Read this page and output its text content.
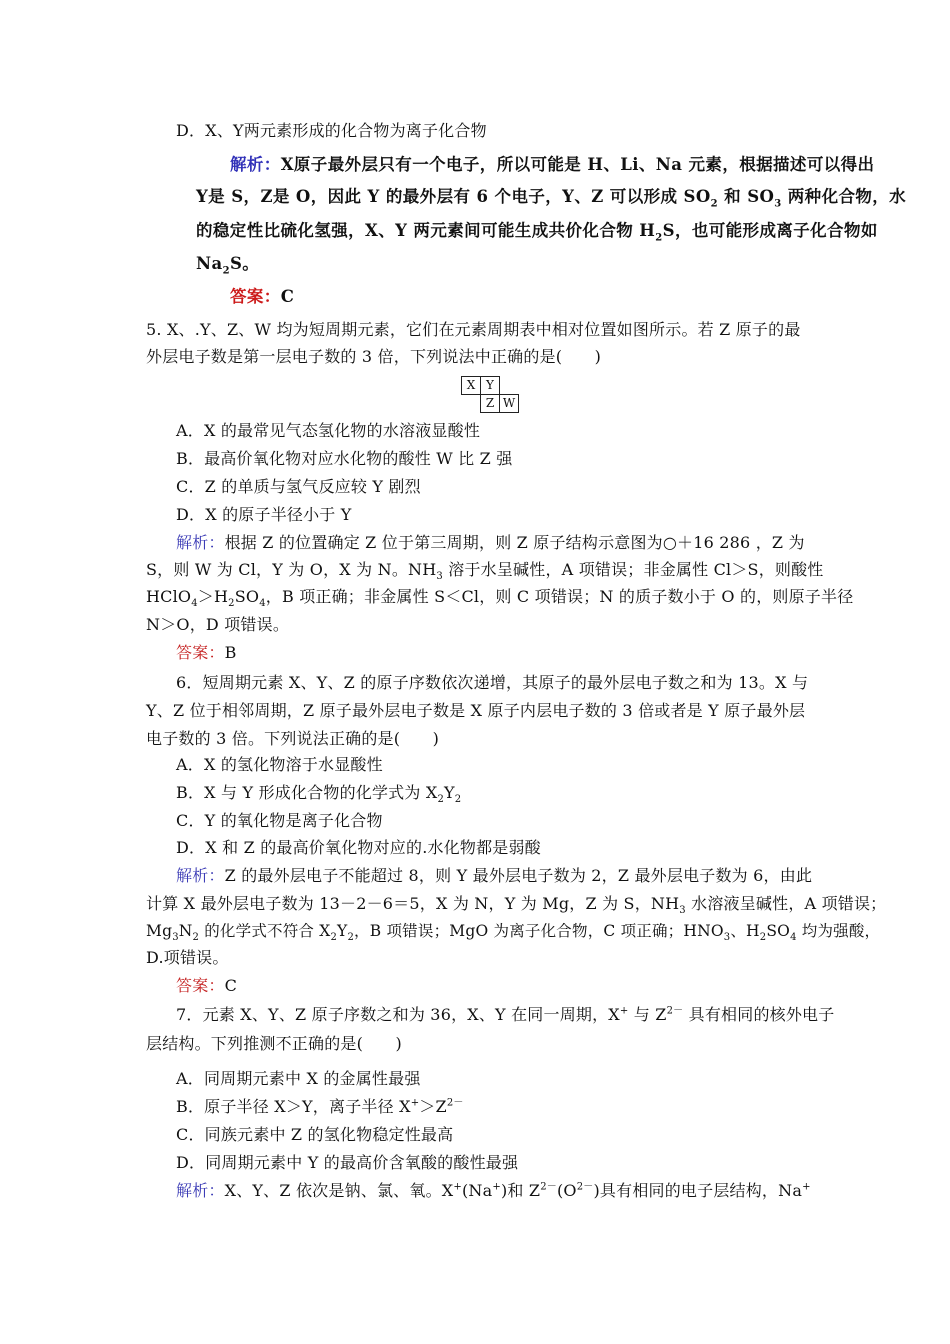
D．X、Y两元素形成的化合物为离子化合物
解析：X原子最外层只有一个电子，所以可能是 H、Li、Na 元素，根据描述可以得出
Y是 S，Z是 O，因此 Y 的最外层有 6 个电子，Y、Z 可以形成 $SO_2$ 和 $SO_3$ 两种化合物，水
的稳定性比硫化氢强，X、Y 两元素间可能生成共价化合物 $H_2S$，也可能形成离子化合物如
$Na_2S$。
答案：C
5. X、.Y、Z、W 均为短周期元素，它们在元素周期表中相对位置如图所示。若 Z 原子的最
外层电子数是第一层电子数的 3 倍，下列说法中正确的是(　　)
X Y
Z W
A．X 的最常见气态氢化物的水溶液显酸性
B．最高价氧化物对应水化物的酸性 W 比 Z 强
C．Z 的单质与氢气反应较 Y 剧烈
D．X 的原子半径小于 Y
解析：根据 Z 的位置确定 Z 位于第三周期，则 Z 原子结构示意图为○＋16 286 ，Z 为
S，则 W 为 Cl，Y 为 O，X 为 N。$NH_3$ 溶于水呈碱性，A 项错误；非金属性 Cl＞S，则酸性
$HClO_4>H_2SO_4$，B 项正确；非金属性 S＜Cl，则 C 项错误；N 的质子数小于 O 的，则原子半径
N＞O，D 项错误。
答案：B
6．短周期元素 X、Y、Z 的原子序数依次递增，其原子的最外层电子数之和为 13。X 与
Y、Z 位于相邻周期，Z 原子最外层电子数是 X 原子内层电子数的 3 倍或者是 Y 原子最外层
电子数的 3 倍。下列说法正确的是(　　)
A．X 的氢化物溶于水显酸性
B．X 与 Y 形成化合物的化学式为 $X_2Y_2$
C．Y 的氧化物是离子化合物
D．X 和 Z 的最高价氧化物对应的.水化物都是弱酸
解析：Z 的最外层电子不能超过 8，则 Y 最外层电子数为 2，Z 最外层电子数为 6，由此
计算 X 最外层电子数为 13－2－6＝5，X 为 N，Y 为 Mg，Z 为 S，$NH_3$ 水溶液呈碱性，A 项错误；
$Mg_3N_2$ 的化学式不符合 $X_2Y_2$，B 项错误；MgO 为离子化合物，C 项正确；$HNO_3$、$H_2SO_4$ 均为强酸，
D.项错误。
答案：C
7．元素 X、Y、Z 原子序数之和为 36，X、Y 在同一周期，X+ 与 $Z^{2-}$ 具有相同的核外电子
层结构。下列推测不正确的是(　　)
A．同周期元素中 X 的金属性最强
B．原子半径 X＞Y，离子半径 $X^+>Z^{2-}$
C．同族元素中 Z 的氢化物稳定性最高
D．同周期元素中 Y 的最高价含氧酸的酸性最强
解析：X、Y、Z 依次是钠、氯、氧。X+(Na+)和 $Z^{2-}(O^{2-})$具有相同的电子层结构，Na+
